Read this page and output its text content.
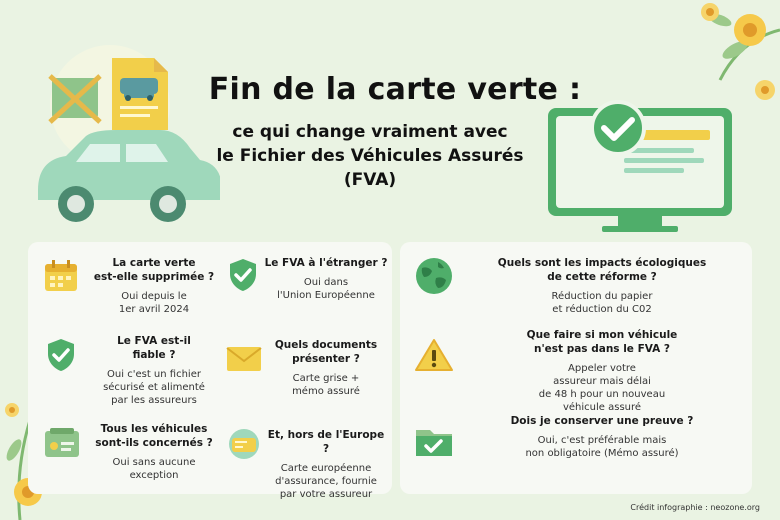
Fin de la carte verte :
ce qui change vraiment avec
le Fichier des Véhicules Assurés
(FVA)
La carte verte
est-elle supprimée ?
Oui depuis le
1er avril 2024
Le FVA à l'étranger ?
Oui dans
l'Union Européenne
Le FVA est-il
fiable ?
Oui c'est un fichier
sécurisé et alimenté
par les assureurs
Quels documents
présenter ?
Carte grise +
mémo assuré
Tous les véhicules
sont-ils concernés ?
Oui sans aucune
exception
Et, hors de l'Europe ?
Carte européenne
d'assurance, fournie
par votre assureur
Quels sont les impacts écologiques
de cette réforme ?
Réduction du papier
et réduction du C02
Que faire si mon véhicule
n'est pas dans le FVA ?
Appeler votre
assureur mais délai
de 48 h pour un nouveau
véhicule assuré
Dois je conserver une preuve ?
Oui, c'est préférable mais
non obligatoire (Mémo assuré)
Crédit infographie : neozone.org
